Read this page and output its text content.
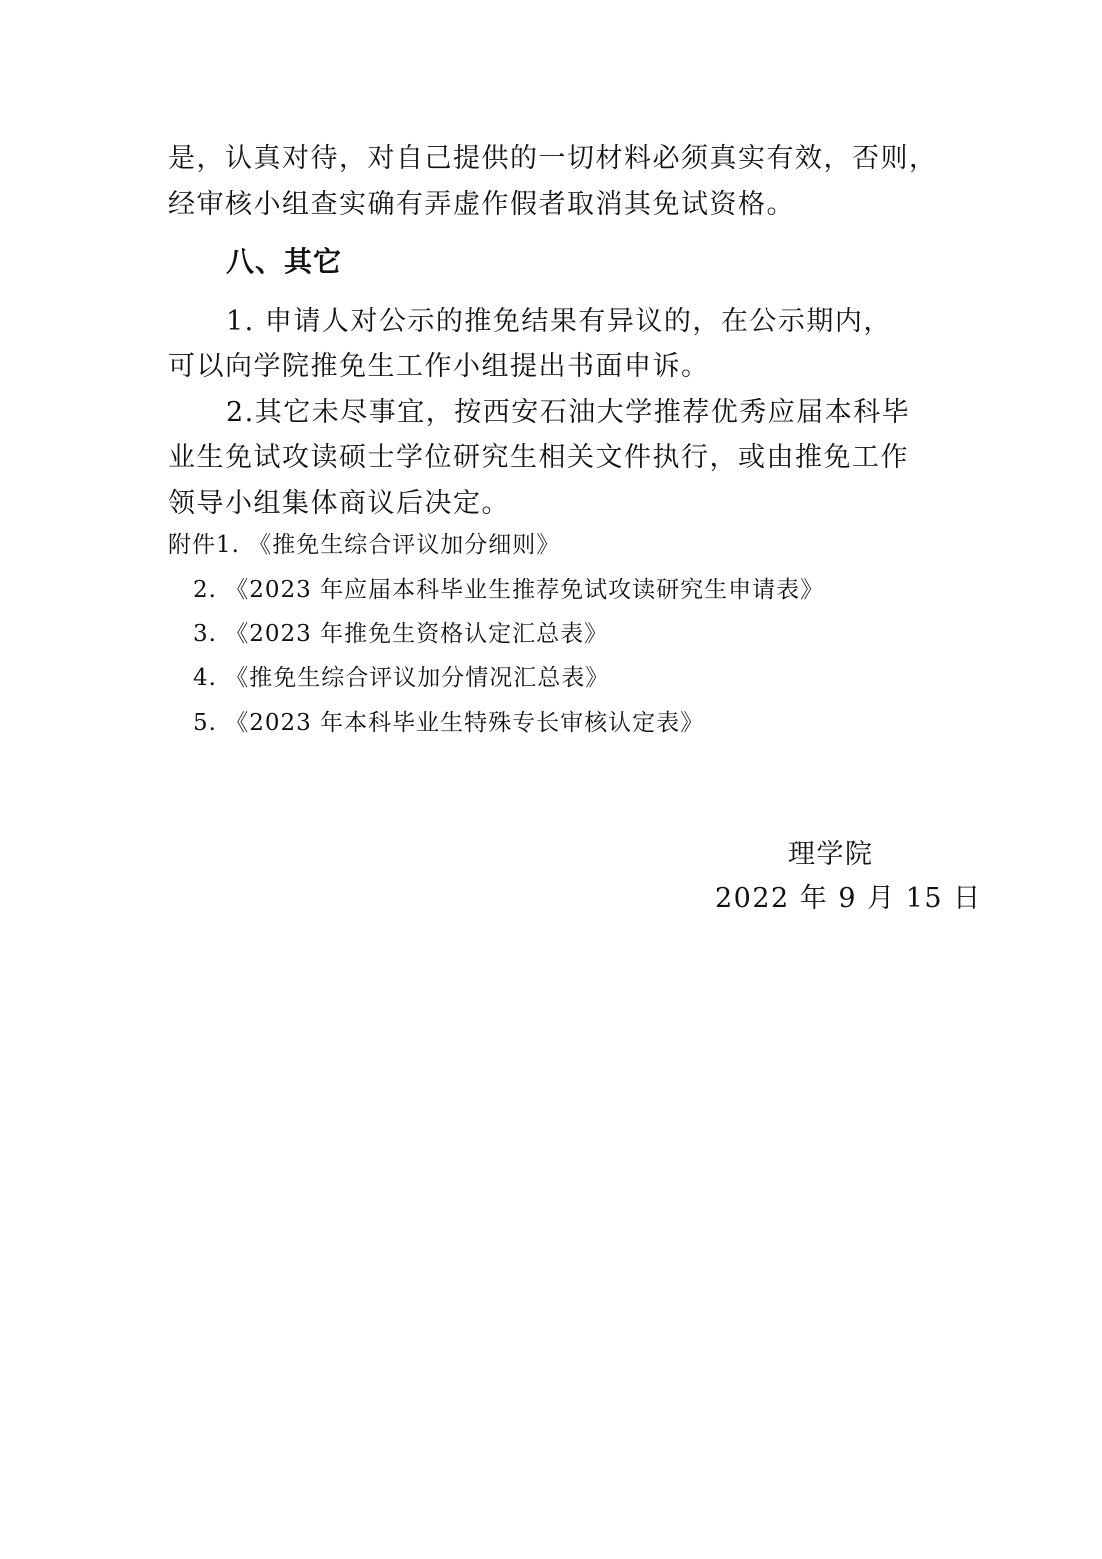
是，认真对待，对自己提供的一切材料必须真实有效，否则，
经审核小组查实确有弄虚作假者取消其免试资格。
八、其它
1. 申请人对公示的推免结果有异议的，在公示期内，
可以向学院推免生工作小组提出书面申诉。
2.其它未尽事宜，按西安石油大学推荐优秀应届本科毕
业生免试攻读硕士学位研究生相关文件执行，或由推免工作
领导小组集体商议后决定。
附件1. 《推免生综合评议加分细则》
2. 《2023 年应届本科毕业生推荐免试攻读研究生申请表》
3. 《2023 年推免生资格认定汇总表》
4. 《推免生综合评议加分情况汇总表》
5. 《2023 年本科毕业生特殊专长审核认定表》
理学院
2022 年 9 月 15 日
